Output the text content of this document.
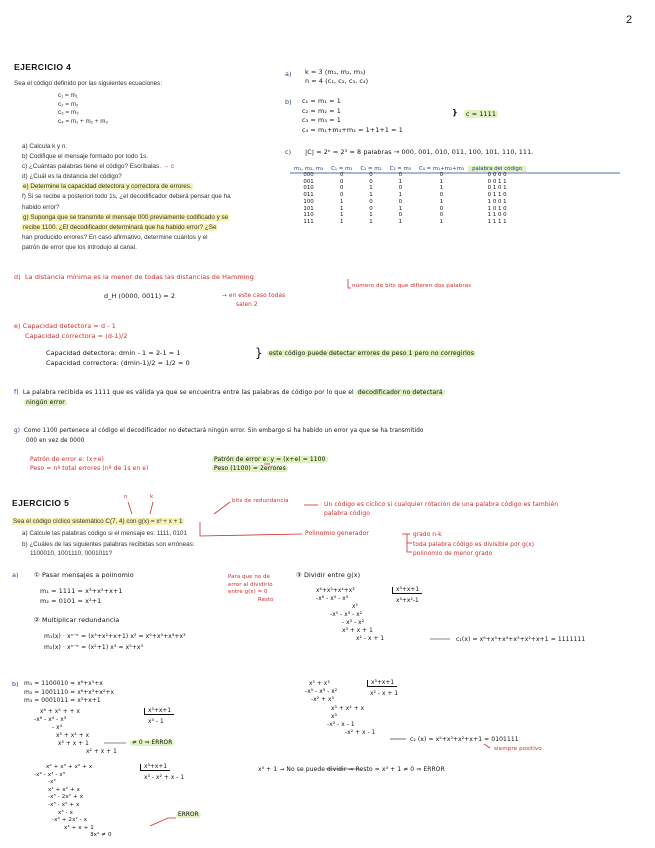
2
EJERCICIO 4
Sea el código definido por las siguientes ecuaciones:
c₁ = m₁
c₂ = m₂
c₃ = m₃
c₄ = m₁ + m₂ + m₃
a) Calcula k y n.
b) Codifique el mensaje formado por todo 1s.
c) ¿Cuántas palabras tiene el código? Escríbalas. → c
d) ¿Cuál es la distancia del código?
e) Determine la capacidad detectora y correctora de errores.
f) Si se recibe a posteriori todo 1s, ¿el decodificador deberá pensar que ha
habido error?
g) Suponga que se transmite el mensaje 000 previamente codificado y se
recibe 1100. ¿El decodificador determinará que ha habido error? ¿Se
han producido errores? En caso afirmativo, determine cuántos y el
patrón de error que los introdujo al canal.
a) k = 3 (m₁, m₂, m₃)
n = 4 (c₁, c₂, c₃, c₄)
b) c₁ = m₁ = 1
c₂ = m₂ = 1
c₃ = m₃ = 1
c₄ = m₁+m₃+m₂ = 1+1+1 = 1
}	c = 1111
c) |C| = 2ᵏ = 2³ = 8 palabras → 000, 001, 010, 011, 100, 101, 110, 111.
m₁, m₂, m₃	C₁ = m₁	C₂ = m₂	C₃ = m₃	C₄ = m₁+m₂+m₃	palabra del código
000	0	0	0	0	0 0 0 0
001	0	0	1	1	0 0 1 1
010	0	1	0	1	0 1 0 1
011	0	1	1	0	0 1 1 0
100	1	0	0	1	1 0 0 1
101	1	0	1	0	1 0 1 0
110	1	1	0	0	1 1 0 0
111	1	1	1	1	1 1 1 1
d) La distancia mínima es la menor de todas las distancias de Hamming
número de bits que difieren dos palabras
d_H (0000, 0011) = 2	→ en este caso todas
salen 2
e) Capacidad detectora = d - 1
Capacidad correctora = (d-1)/2
Capacidad detectora: dmin - 1 = 2-1 = 1
Capacidad correctora: (dmin-1)/2 = 1/2 = 0
}	este código puede detectar errores de peso 1 pero no corregirlos
f) La palabra recibida es 1111 que es válida ya que se encuentra entre las palabras de código por lo que el decodificador no detectará
ningún error
g) Como 1100 pertenece al código el decodificador no detectará ningún error. Sin embargo si ha habido un error ya que se ha transmitido
000 en vez de 0000
Patrón de error e: (x+e)
Peso = nº total errores (nº de 1s en e)
Patrón de error e: y = (x+e) = 1100
Peso (1100) = 2errores
EJERCICIO 5
n	k
bits de redundancia	Un código es cíclico si cualquier rotación de una palabra código es también
palabra código
Sea el código cíclico sistemático C(7, 4) con g(x) = x³ + x + 1
a) Calcule las palabras código si el mensaje es: 1111, 0101
b) ¿Cuáles de las siguientes palabras recibidas son erróneas:
1100010, 1001110, 0001011?
Polinomio generador	grado n-k
toda palabra código es divisible por g(x)
polinomio de menor grado
a) ① Pasar mensajes a polinomio
m₁ = 1111 = x³+x²+x+1
m₂ = 0101 = x²+1
② Multiplicar redundancia
m₁(x) · xⁿ⁻ᵏ = (x³+x²+x+1) x³ = x⁶+x⁵+x⁴+x³
m₂(x) · xⁿ⁻ᵏ = (x²+1) x³ = x⁵+x³
Para que no de
error al dividirlo
entre g(x) = 0
Resto
③ Dividir entre g(x)
x⁶+x⁵+x⁴+x³
-x⁶ - x⁴ - x³
x⁵
-x⁵ - x³ - x²
- x³ - x²
x³ + x + 1
x² - x + 1
x³+x+1
x³+x²-1
c₁(x) = x⁶+x⁵+x⁴+x³+x²+x+1 = 1111111
b) m₁ = 1100010 = x⁶+x⁵+x
m₂ = 1001110 = x⁶+x³+x²+x
m₃ = 0001011 = x³+x+1
x⁵ + x³
-x⁵ - x³ - x²
-x² + x³
x³ + x² + x
x³
-x³ - x - 1
-x² + x - 1
x³+x+1
x² - x + 1
c₂ (x) = x⁵+x³+x²+x+1 = 0101111
siempre positivo
x⁶ + x⁵ + + x
-x⁶ - x⁴ - x³
- x⁴
x³ + x² + x
x³ + x + 1
x² + x + 1
x³+x+1
x³ - 1
≠ 0 ⇒ ERROR
x⁶ + x³ + x² + x
-x⁶ - x⁴ - x³
-x⁴
x⁴ + x² + x
-x³ - 2x² + x
-x³ - x² + x
x³ - x
-x³ + 2x² - x
x³ + x + 1
3x² ≠ 0
x³+x+1
x³ - x² + x - 1
ERROR
x³ + 1 → No se puede dividir ⇒ Resto = x³ + 1 ≠ 0 ⇒ ERROR
